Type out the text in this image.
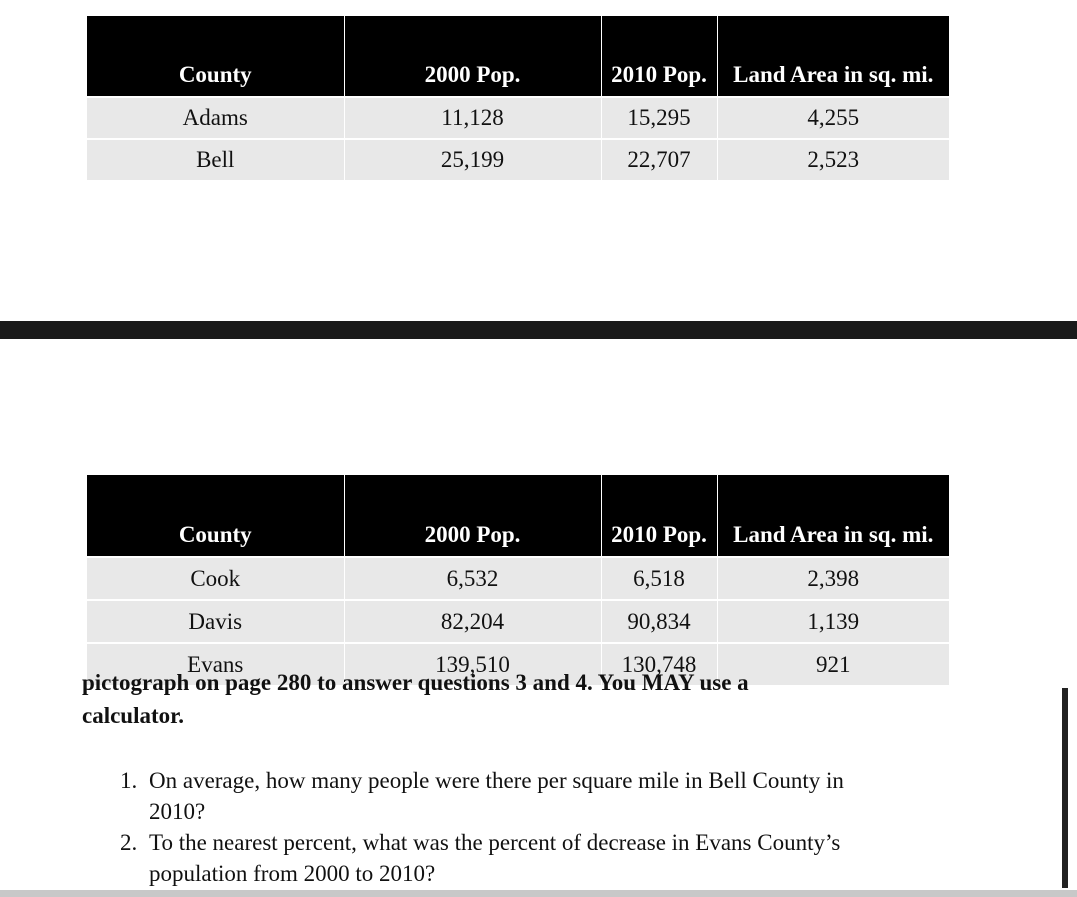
County	2000 Pop.	2010 Pop.	Land Area in sq. mi.
Adams	11,128	15,295	4,255
Bell	25,199	22,707	2,523
County	2000 Pop.	2010 Pop.	Land Area in sq. mi.
Cook	6,532	6,518	2,398
Davis	82,204	90,834	1,139
Evans	139,510	130,748	921
pictograph on page 280 to answer questions 3 and 4. You MAY use a
calculator.
1. On average, how many people were there per square mile in Bell County in 2010?
2. To the nearest percent, what was the percent of decrease in Evans County’s population from 2000 to 2010?
